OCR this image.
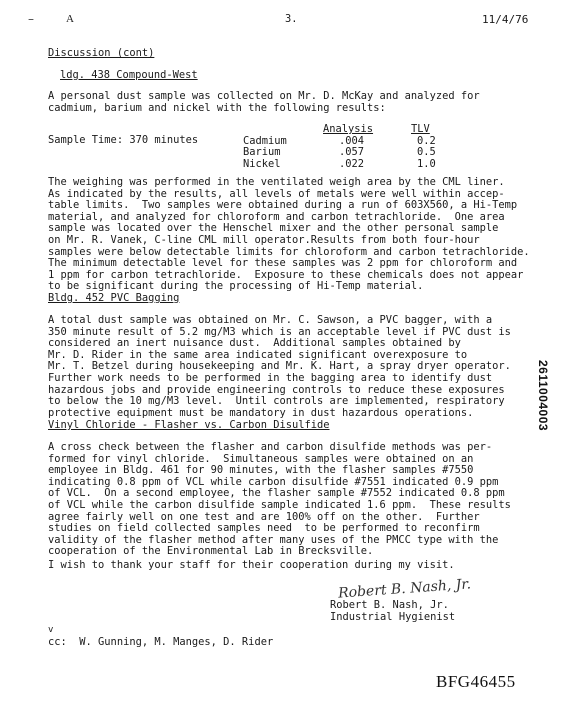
–	A	3.	11/4/76
Discussion (cont)
ldg. 438 Compound-West
A personal dust sample was collected on Mr. D. McKay and analyzed for
cadmium, barium and nickel with the following results:
Sample Time: 370 minutes
	Analysis	TLV
Cadmium	.004	0.2
Barium	.057	0.5
Nickel	.022	1.0
The weighing was performed in the ventilated weigh area by the CML liner.
As indicated by the results, all levels of metals were well within accep-
table limits.  Two samples were obtained during a run of 603X560, a Hi-Temp
material, and analyzed for chloroform and carbon tetrachloride.  One area
sample was located over the Henschel mixer and the other personal sample
on Mr. R. Vanek, C-line CML mill operator.Results from both four-hour
samples were below detectable limits for chloroform and carbon tetrachloride.
The minimum detectable level for these samples was 2 ppm for chloroform and
1 ppm for carbon tetrachloride.  Exposure to these chemicals does not appear
to be significant during the processing of Hi-Temp material.
Bldg. 452 PVC Bagging
A total dust sample was obtained on Mr. C. Sawson, a PVC bagger, with a
350 minute result of 5.2 mg/M3 which is an acceptable level if PVC dust is
considered an inert nuisance dust.  Additional samples obtained by
Mr. D. Rider in the same area indicated significant overexposure to
Mr. T. Betzel during housekeeping and Mr. K. Hart, a spray dryer operator.
Further work needs to be performed in the bagging area to identify dust
hazardous jobs and provide engineering controls to reduce these exposures
to below the 10 mg/M3 level.  Until controls are implemented, respiratory
protective equipment must be mandatory in dust hazardous operations.	2611004003
Vinyl Chloride - Flasher vs. Carbon Disulfide
A cross check between the flasher and carbon disulfide methods was per-
formed for vinyl chloride.  Simultaneous samples were obtained on an
employee in Bldg. 461 for 90 minutes, with the flasher samples #7550
indicating 0.8 ppm of VCL while carbon disulfide #7551 indicated 0.9 ppm
of VCL.  On a second employee, the flasher sample #7552 indicated 0.8 ppm
of VCL while the carbon disulfide sample indicated 1.6 ppm.  These results
agree fairly well on one test and are 100% off on the other.  Further
studies on field collected samples need  to be performed to reconfirm
validity of the flasher method after many uses of the PMCC type with the
cooperation of the Environmental Lab in Brecksville.
I wish to thank your staff for their cooperation during my visit.
Robert B. Nash, Jr.
Robert B. Nash, Jr.
Industrial Hygienist
v
cc:  W. Gunning, M. Manges, D. Rider
BFG46455
